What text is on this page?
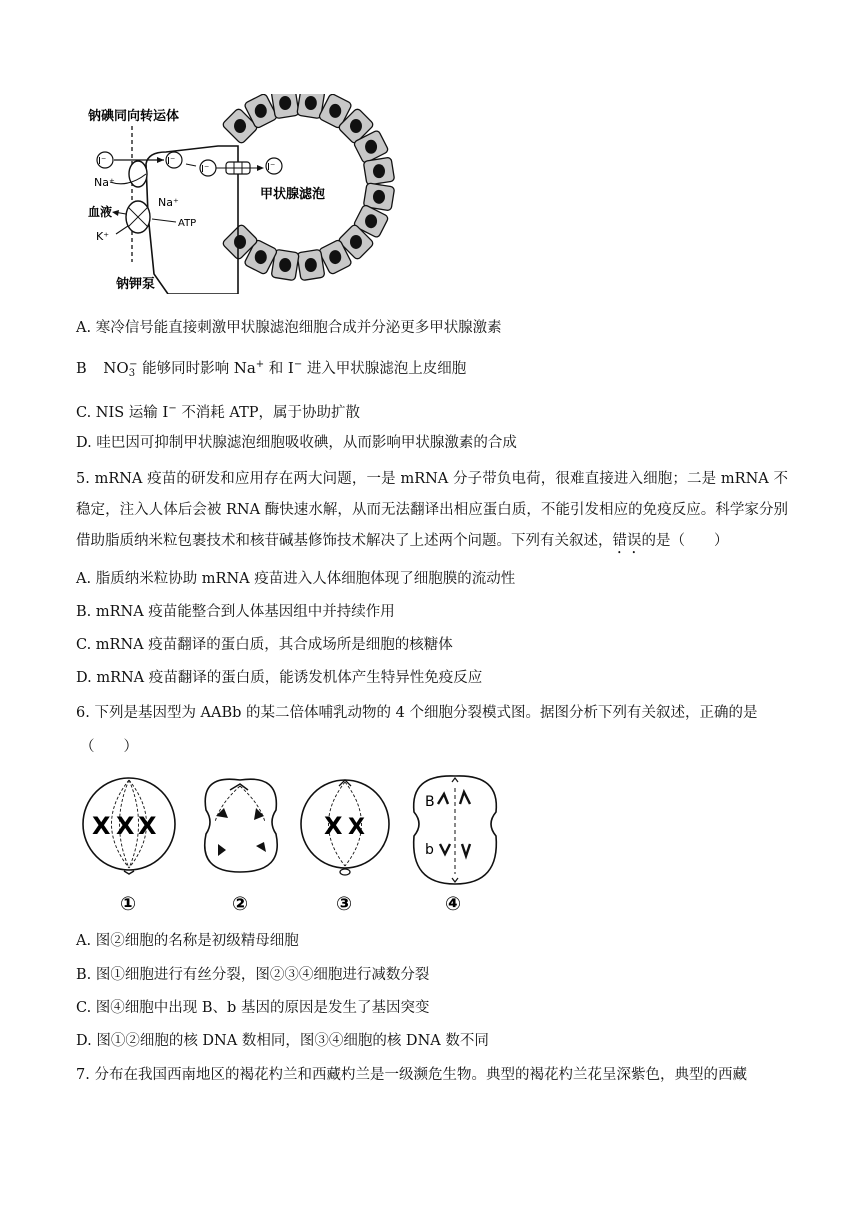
钠碘同向转运体
I⁻
Na⁺
I⁻
I⁻	I⁻
甲状腺滤泡
血液
Na⁺
ATP
K⁺
钠钾泵
A. 寒冷信号能直接刺激甲状腺滤泡细胞合成并分泌更多甲状腺激素
B $NO_3^-$ 能够同时影响 Na+ 和 I− 进入甲状腺滤泡上皮细胞
C. NIS 运输 I− 不消耗 ATP，属于协助扩散
D. 哇巴因可抑制甲状腺滤泡细胞吸收碘，从而影响甲状腺激素的合成
5. mRNA 疫苗的研发和应用存在两大问题，一是 mRNA 分子带负电荷，很难直接进入细胞；二是 mRNA 不稳定，注入人体后会被 RNA 酶快速水解，从而无法翻译出相应蛋白质，不能引发相应的免疫反应。科学家分别借助脂质纳米粒包裹技术和核苷碱基修饰技术解决了上述两个问题。下列有关叙述，错误的是（　　）
A. 脂质纳米粒协助 mRNA 疫苗进入人体细胞体现了细胞膜的流动性
B. mRNA 疫苗能整合到人体基因组中并持续作用
C. mRNA 疫苗翻译的蛋白质，其合成场所是细胞的核糖体
D. mRNA 疫苗翻译的蛋白质，能诱发机体产生特异性免疫反应
6. 下列是基因型为 AABb 的某二倍体哺乳动物的 4 个细胞分裂模式图。据图分析下列有关叙述，正确的是
（　　）
X X X	X X
B
b
①	②	③	④
A. 图②细胞的名称是初级精母细胞
B. 图①细胞进行有丝分裂，图②③④细胞进行减数分裂
C. 图④细胞中出现 B、b 基因的原因是发生了基因突变
D. 图①②细胞的核 DNA 数相同，图③④细胞的核 DNA 数不同
7. 分布在我国西南地区的褐花杓兰和西藏杓兰是一级濒危生物。典型的褐花杓兰花呈深紫色，典型的西藏
